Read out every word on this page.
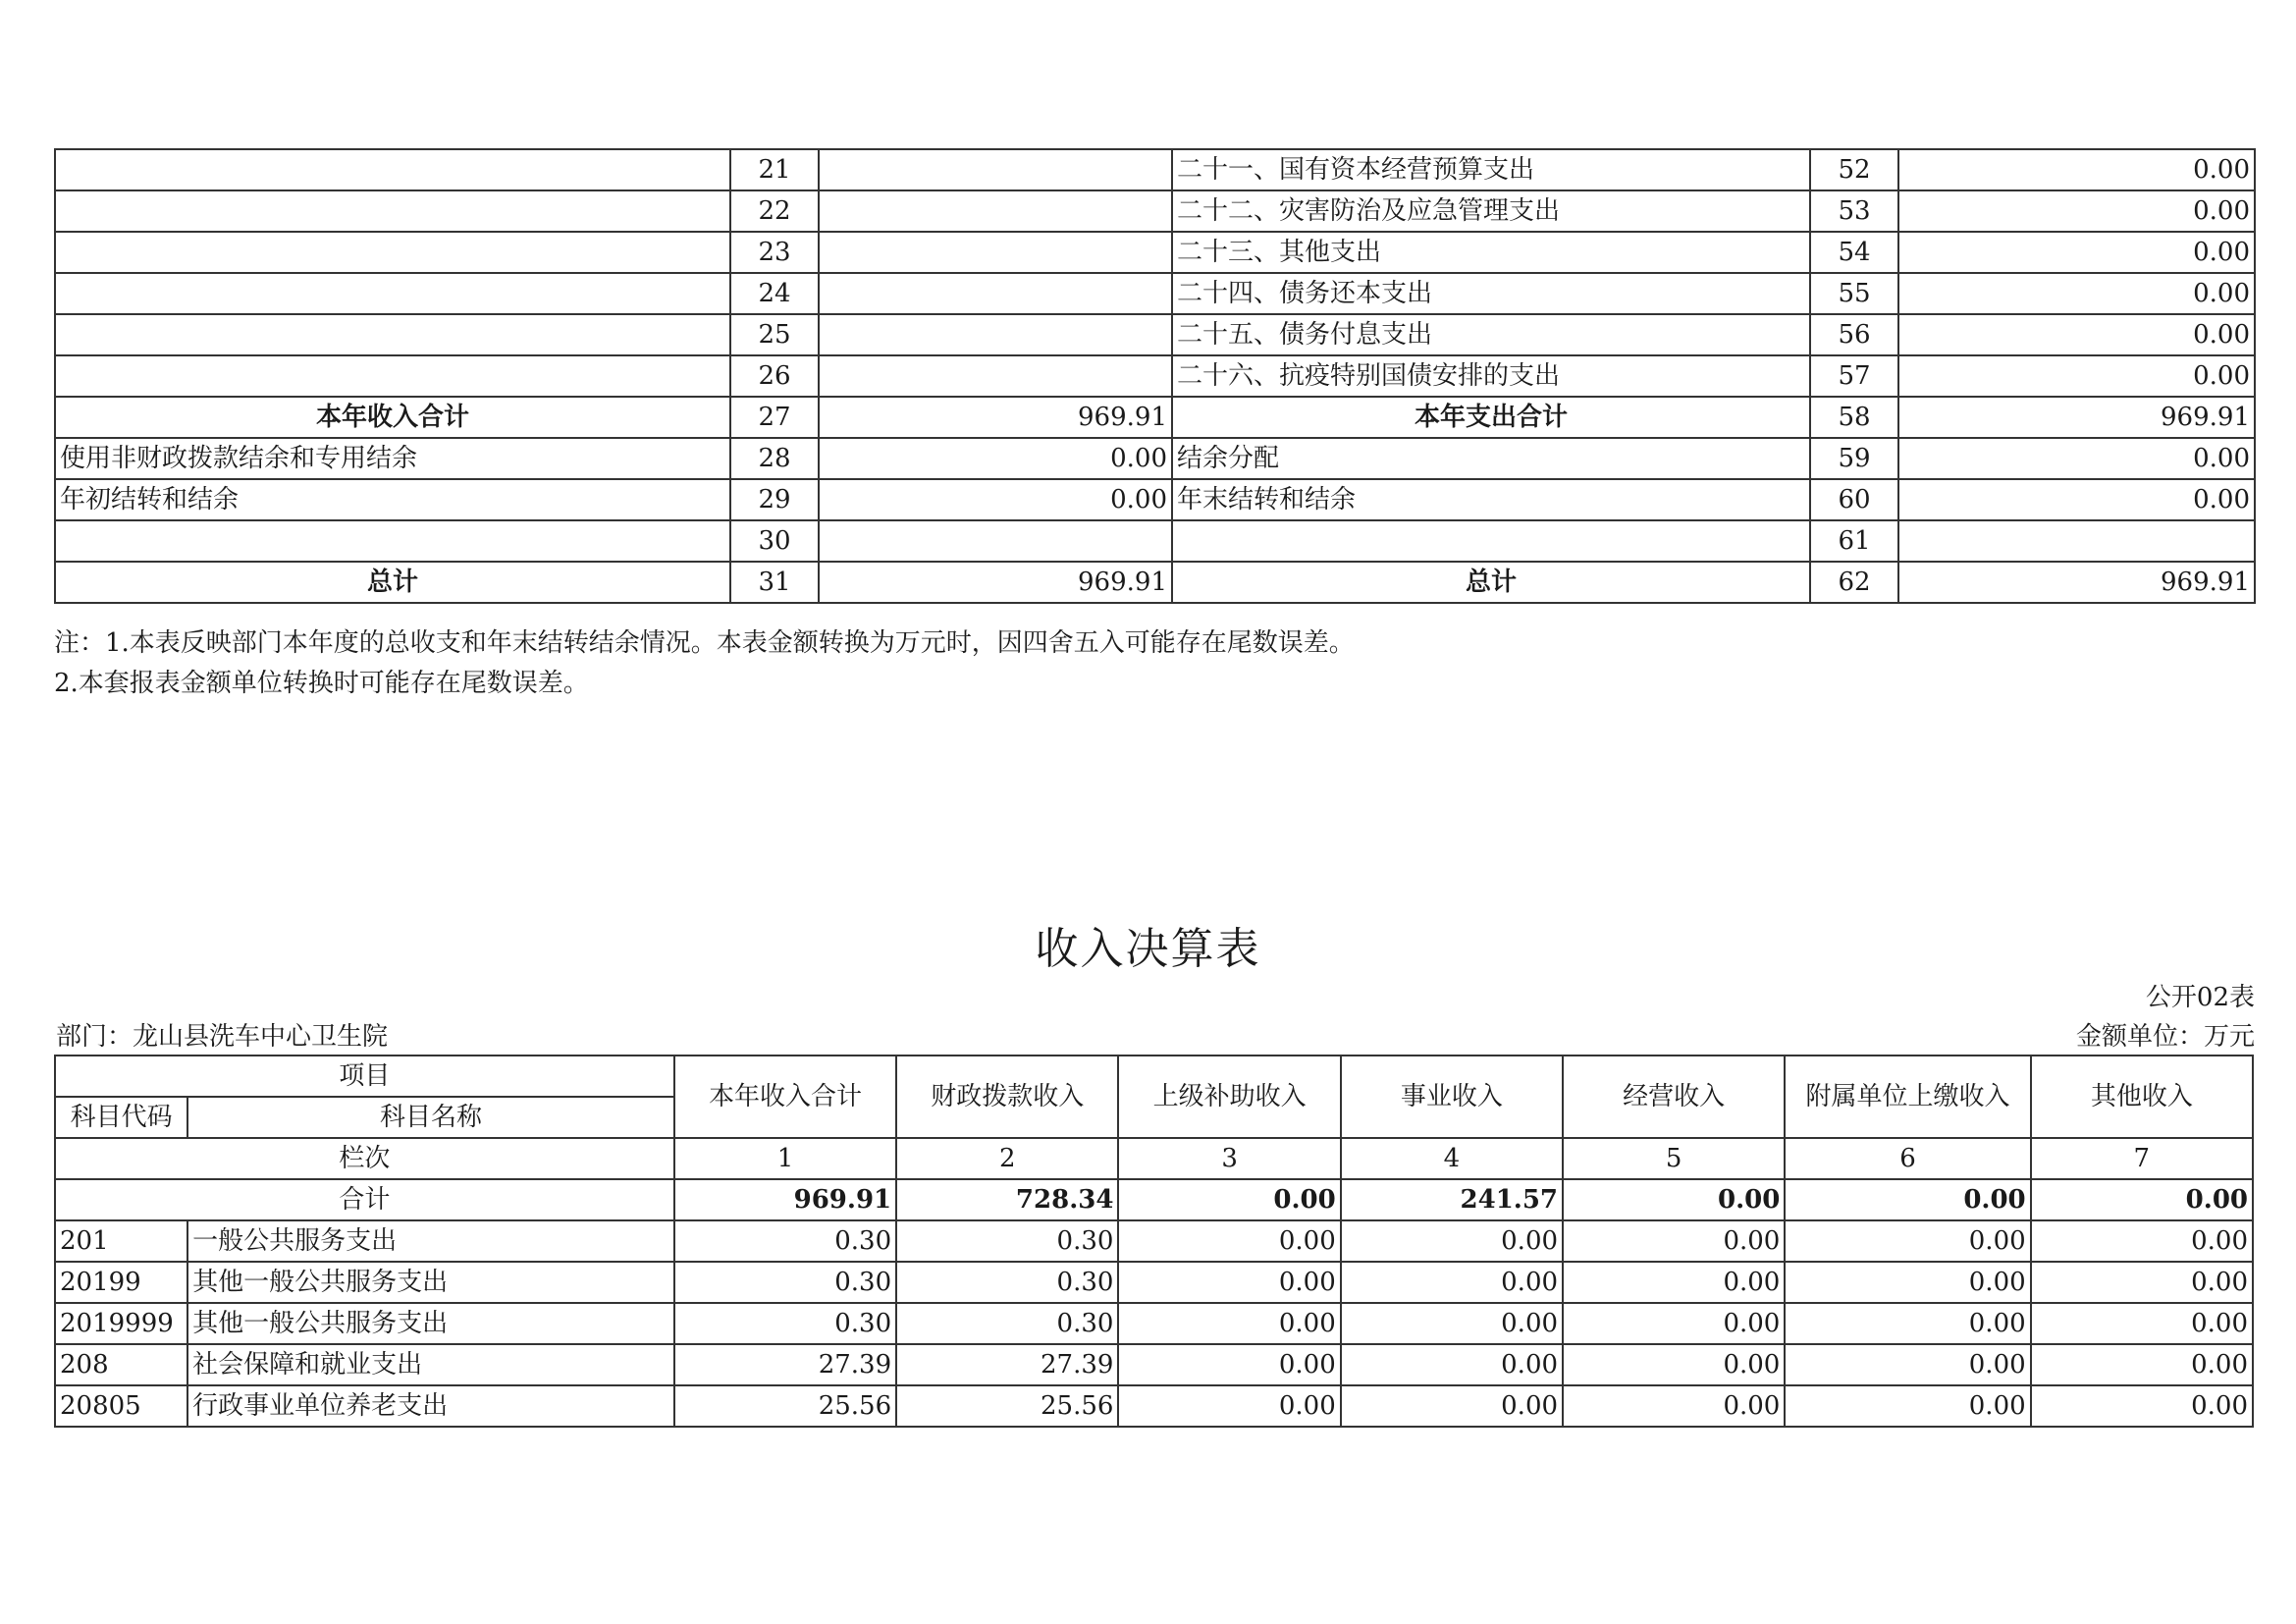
	21		二十一、国有资本经营预算支出	52	0.00
	22		二十二、灾害防治及应急管理支出	53	0.00
	23		二十三、其他支出	54	0.00
	24		二十四、债务还本支出	55	0.00
	25		二十五、债务付息支出	56	0.00
	26		二十六、抗疫特别国债安排的支出	57	0.00
本年收入合计	27	969.91	本年支出合计	58	969.91
使用非财政拨款结余和专用结余	28	0.00	结余分配	59	0.00
年初结转和结余	29	0.00	年末结转和结余	60	0.00
	30			61	
总计	31	969.91	总计	62	969.91
注：1.本表反映部门本年度的总收支和年末结转结余情况。本表金额转换为万元时，因四舍五入可能存在尾数误差。
2.本套报表金额单位转换时可能存在尾数误差。
收入决算表
公开02表
部门：龙山县洗车中心卫生院	金额单位：万元
项目		本年收入合计	财政拨款收入	上级补助收入	事业收入	经营收入	附属单位上缴收入	其他收入
科目代码	科目名称							
栏次		1	2	3	4	5	6	7
合计		969.91	728.34	0.00	241.57	0.00	0.00	0.00
201	一般公共服务支出	0.30	0.30	0.00	0.00	0.00	0.00	0.00
20199	其他一般公共服务支出	0.30	0.30	0.00	0.00	0.00	0.00	0.00
2019999	其他一般公共服务支出	0.30	0.30	0.00	0.00	0.00	0.00	0.00
208	社会保障和就业支出	27.39	27.39	0.00	0.00	0.00	0.00	0.00
20805	行政事业单位养老支出	25.56	25.56	0.00	0.00	0.00	0.00	0.00
